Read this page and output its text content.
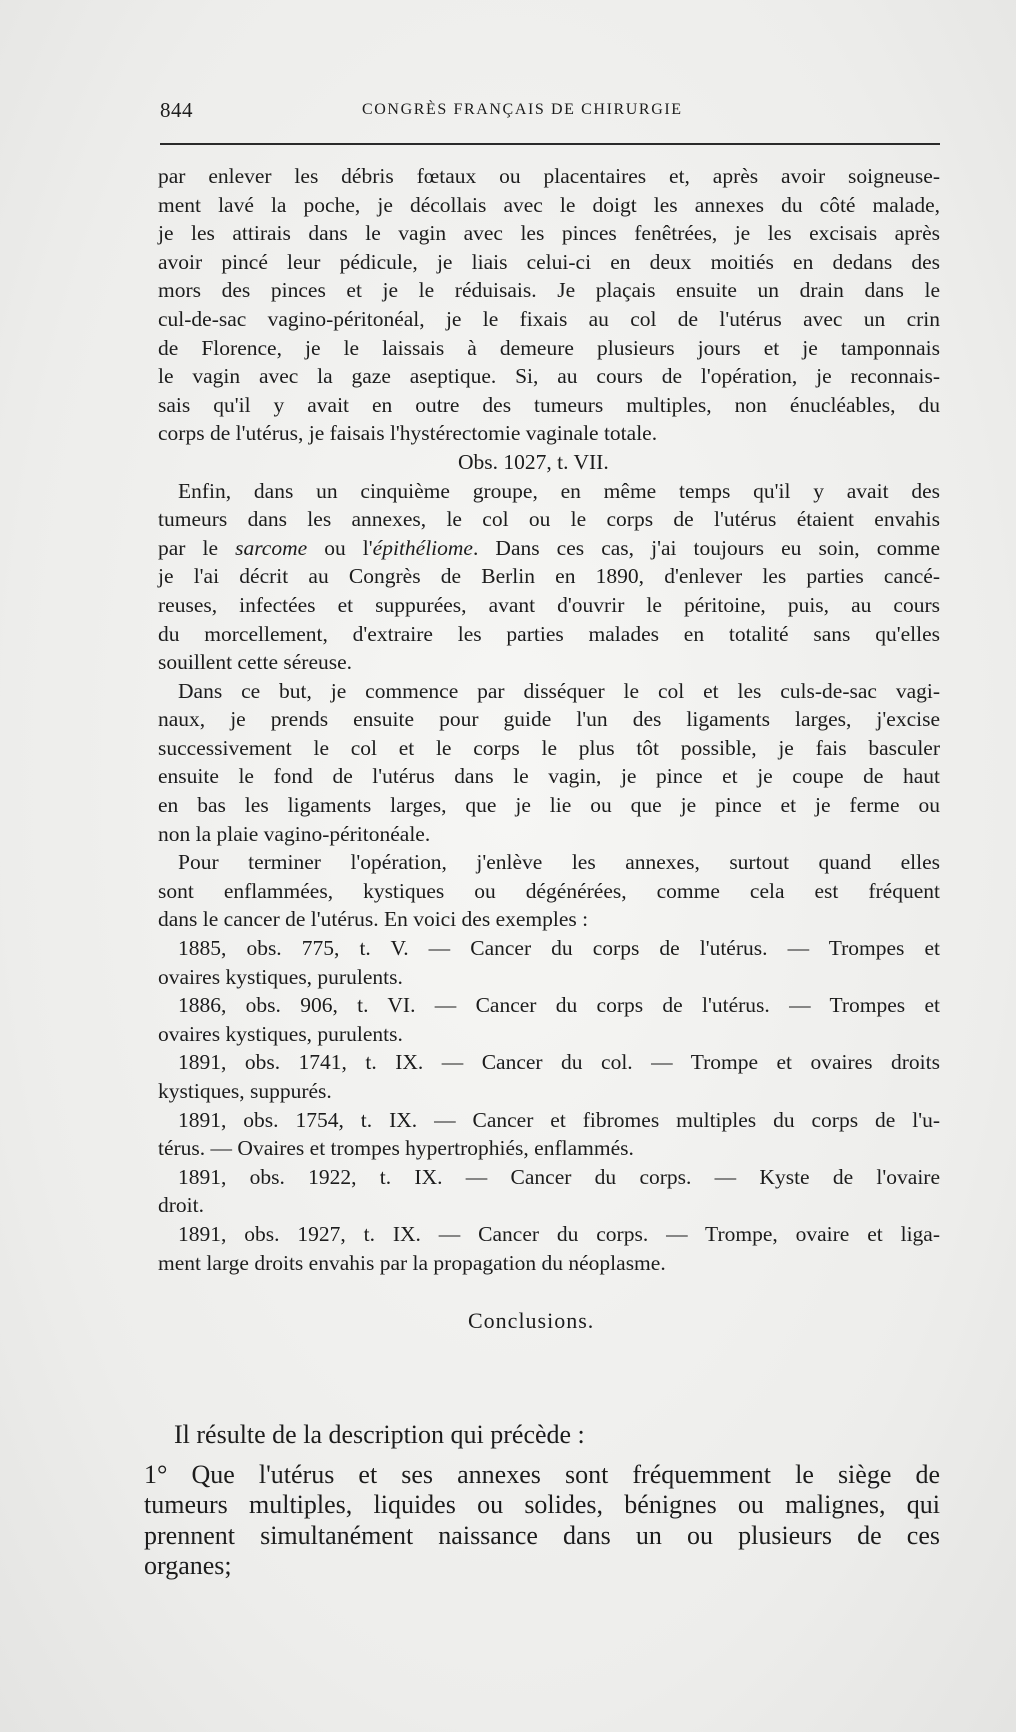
844	CONGRÈS FRANÇAIS DE CHIRURGIE
par enlever les débris fœtaux ou placentaires et, après avoir soigneuse-
ment lavé la poche, je décollais avec le doigt les annexes du côté malade,
je les attirais dans le vagin avec les pinces fenêtrées, je les excisais après
avoir pincé leur pédicule, je liais celui-ci en deux moitiés en dedans des
mors des pinces et je le réduisais. Je plaçais ensuite un drain dans le
cul-de-sac vagino-péritonéal, je le fixais au col de l'utérus avec un crin
de Florence, je le laissais à demeure plusieurs jours et je tamponnais
le vagin avec la gaze aseptique. Si, au cours de l'opération, je reconnais-
sais qu'il y avait en outre des tumeurs multiples, non énucléables, du
corps de l'utérus, je faisais l'hystérectomie vaginale totale.
Obs. 1027, t. VII.
Enfin, dans un cinquième groupe, en même temps qu'il y avait des
tumeurs dans les annexes, le col ou le corps de l'utérus étaient envahis
par le sarcome ou l'épithéliome. Dans ces cas, j'ai toujours eu soin, comme
je l'ai décrit au Congrès de Berlin en 1890, d'enlever les parties cancé-
reuses, infectées et suppurées, avant d'ouvrir le péritoine, puis, au cours
du morcellement, d'extraire les parties malades en totalité sans qu'elles
souillent cette séreuse.
Dans ce but, je commence par disséquer le col et les culs-de-sac vagi-
naux, je prends ensuite pour guide l'un des ligaments larges, j'excise
successivement le col et le corps le plus tôt possible, je fais basculer
ensuite le fond de l'utérus dans le vagin, je pince et je coupe de haut
en bas les ligaments larges, que je lie ou que je pince et je ferme ou
non la plaie vagino-péritonéale.
Pour terminer l'opération, j'enlève les annexes, surtout quand elles
sont enflammées, kystiques ou dégénérées, comme cela est fréquent
dans le cancer de l'utérus. En voici des exemples :
1885, obs. 775, t. V. — Cancer du corps de l'utérus. — Trompes et
ovaires kystiques, purulents.
1886, obs. 906, t. VI. — Cancer du corps de l'utérus. — Trompes et
ovaires kystiques, purulents.
1891, obs. 1741, t. IX. — Cancer du col. — Trompe et ovaires droits
kystiques, suppurés.
1891, obs. 1754, t. IX. — Cancer et fibromes multiples du corps de l'u-
térus. — Ovaires et trompes hypertrophiés, enflammés.
1891, obs. 1922, t. IX. — Cancer du corps. — Kyste de l'ovaire
droit.
1891, obs. 1927, t. IX. — Cancer du corps. — Trompe, ovaire et liga-
ment large droits envahis par la propagation du néoplasme.
Conclusions.
Il résulte de la description qui précède :
1° Que l'utérus et ses annexes sont fréquemment le siège de
tumeurs multiples, liquides ou solides, bénignes ou malignes, qui
prennent simultanément naissance dans un ou plusieurs de ces
organes;
